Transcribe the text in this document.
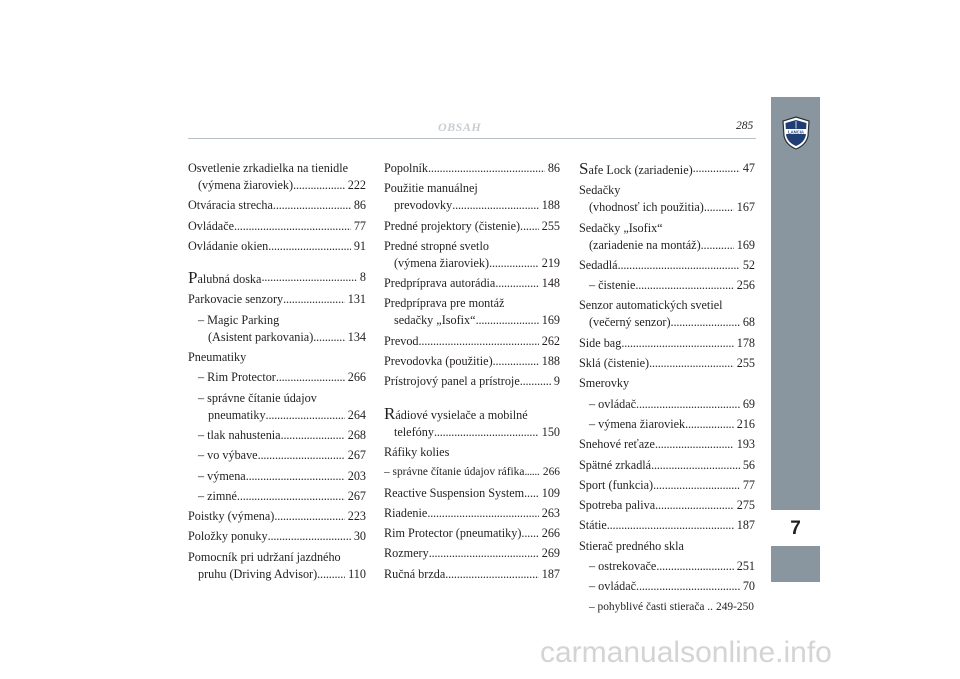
OBSAH	285
7
LANCIA
Osvetlenie zrkadielka na tienidle
(výmena žiaroviek) . . .	222
Otváracia strecha . . .	86
Ovládače . . .	77
Ovládanie okien . . .	91
Palubná doska . . .	8
Parkovacie senzory . . .	131
– Magic Parking
(Asistent parkovania) . . .	134
Pneumatiky
– Rim Protector . . .	266
– správne čítanie údajov
pneumatiky . . .	264
– tlak nahustenia . . .	268
– vo výbave . . .	267
– výmena . . .	203
– zimné . . .	267
Poistky (výmena) . . .	223
Položky ponuky . . .	30
Pomocník pri udržaní jazdného
pruhu (Driving Advisor) . . .	110
Popolník . . .	86
Použitie manuálnej
prevodovky . . .	188
Predné projektory (čistenie) . . . 255
Predné stropné svetlo
(výmena žiaroviek) . . .	219
Predprípravа autorádia . . .	148
Predprípravа pre montáž
sedačky „Isofix“ . . .	169
Prevod . . .	262
Prevodovka (použitie) . . .	188
Prístrojový panel a prístroje . . .	9
Rádiové vysielače a mobilné
telefóny . . .	150
Ráfiky kolies
– správne čítanie údajov ráfika . . . 266
Reactive Suspension System . . . 109
Riadenie . . .	263
Rim Protector (pneumatiky) . . . 266
Rozmery . . .	269
Ručná brzda . . .	187
Safe Lock (zariadenie) . . .	47
Sedačky
(vhodnosť ich použitia) . . .	167
Sedačky „Isofix“
(zariadenie na montáž) . . .	169
Sedadlá . . .	52
– čistenie . . .	256
Senzor automatických svetiel
(večerný senzor) . . .	68
Side bag . . .	178
Sklá (čistenie) . . .	255
Smerovky
– ovládač . . .	69
– výmena žiaroviek . . .	216
Snehové reťaze . . .	193
Spätné zrkadlá . . .	56
Sport (funkcia) . . .	77
Spotreba paliva . . .	275
Státie . . .	187
Stierač predného skla
– ostrekovače . . .	251
– ovládač . . .	70
– pohyblivé časti stierača .. 249-250
carmanualsonline.info
